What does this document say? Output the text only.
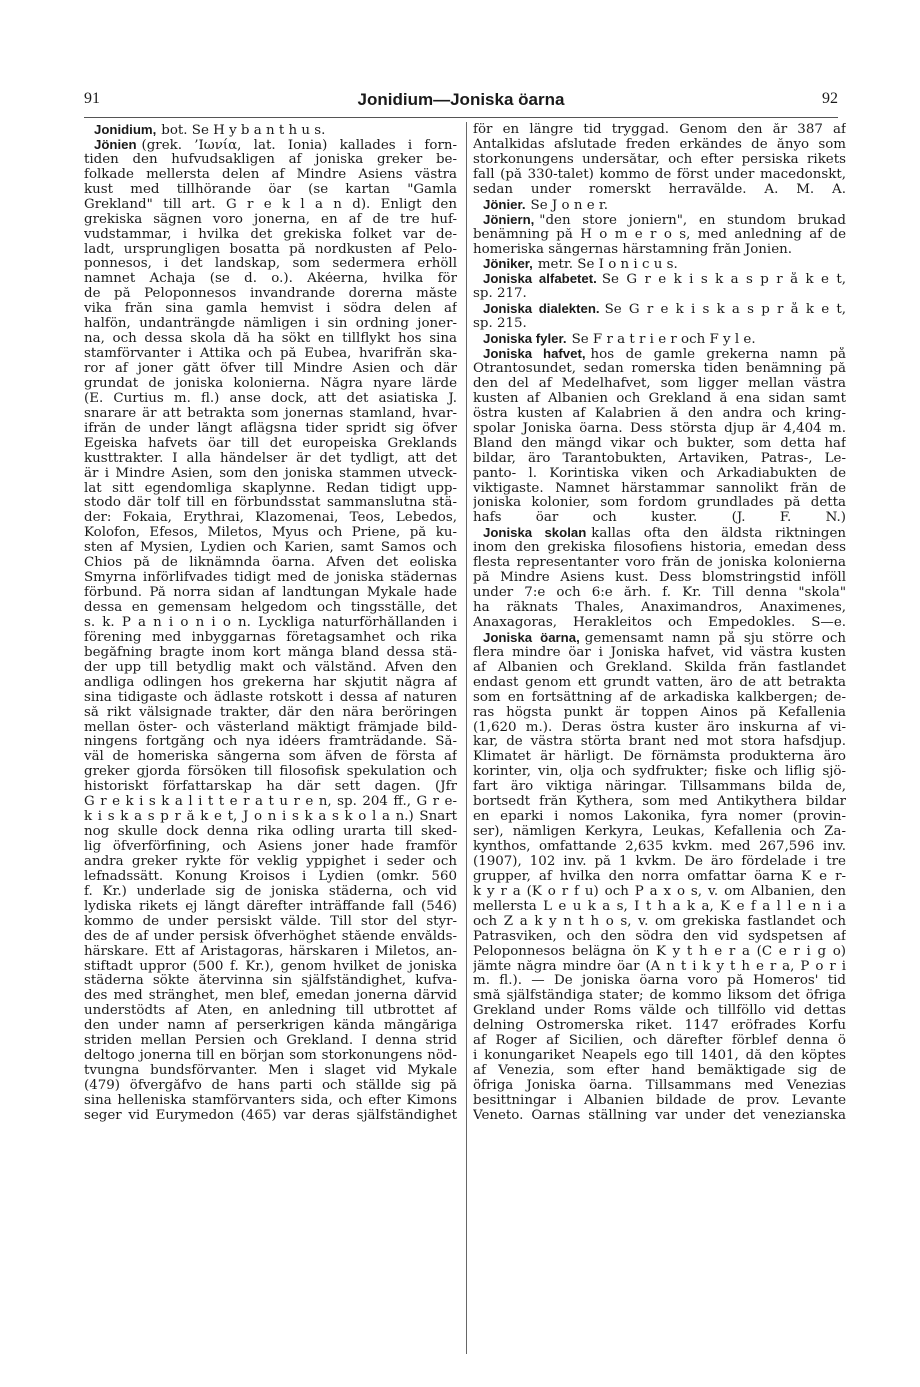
91	Jonidium—Joniska öarna	92
Jonidium, bot. Se H y b a n t h u s.
Jönien (grek. ’Ιωνία, lat. Ionia) kallades i forn-
tiden den hufvudsakligen af joniska greker be-
folkade mellersta delen af Mindre Asiens västra
kust med tillhörande öar (se kartan "Gamla
Grekland" till art. G r e k l a n d). Enligt den
grekiska sägnen voro jonerna, en af de tre huf-
vudstammar, i hvilka det grekiska folket var de-
ladt, ursprungligen bosatta på nordkusten af Pelo-
ponnesos, i det landskap, som sedermera erhöll
namnet Achaja (se d. o.). Akéerna, hvilka för
de på Peloponnesos invandrande dorerna måste
vika från sina gamla hemvist i södra delen af
halfön, undanträngde nämligen i sin ordning joner-
na, och dessa skola då ha sökt en tillflykt hos sina
stamförvanter i Attika och på Eubea, hvarifrån ska-
ror af joner gått öfver till Mindre Asien och där
grundat de joniska kolonierna. Några nyare lärde
(E. Curtius m. fl.) anse dock, att det asiatiska J.
snarare är att betrakta som jonernas stamland, hvar-
ifrån de under långt aflägsna tider spridt sig öfver
Egeiska hafvets öar till det europeiska Greklands
kusttrakter. I alla händelser är det tydligt, att det
är i Mindre Asien, som den joniska stammen utveck-
lat sitt egendomliga skaplynne. Redan tidigt upp-
stodo där tolf till en förbundsstat sammanslutna stä-
der: Fokaia, Erythrai, Klazomenai, Teos, Lebedos,
Kolofon, Efesos, Miletos, Myus och Priene, på ku-
sten af Mysien, Lydien och Karien, samt Samos och
Chios på de liknämnda öarna. Äfven det eoliska
Smyrna införlifvades tidigt med de joniska städernas
förbund. På norra sidan af landtungan Mykale hade
dessa en gemensam helgedom och tingsställe, det
s. k. P a n i o n i o n. Lyckliga naturförhållanden i
förening med inbyggarnas företagsamhet och rika
begåfning bragte inom kort många bland dessa stä-
der upp till betydlig makt och välstånd. Äfven den
andliga odlingen hos grekerna har skjutit några af
sina tidigaste och ädlaste rotskott i dessa af naturen
så rikt välsignade trakter, där den nära beröringen
mellan öster- och västerland mäktigt främjade bild-
ningens fortgång och nya idéers framträdande. Så-
väl de homeriska sångerna som äfven de första af
greker gjorda försöken till filosofisk spekulation och
historiskt författarskap ha där sett dagen. (Jfr
G r e k i s k a l i t t e r a t u r e n, sp. 204 ff., G r e-
k i s k a s p r å k e t, J o n i s k a s k o l a n.) Snart
nog skulle dock denna rika odling urarta till sked-
lig öfverförfining, och Asiens joner hade framför
andra greker rykte för veklig yppighet i seder och
lefnadssätt. Konung Kroisos i Lydien (omkr. 560
f. Kr.) underlade sig de joniska städerna, och vid
lydiska rikets ej långt därefter inträffande fall (546)
kommo de under persiskt välde. Till stor del styr-
des de af under persisk öfverhöghet stående envålds-
härskare. Ett af Aristagoras, härskaren i Miletos, an-
stiftadt uppror (500 f. Kr.), genom hvilket de joniska
städerna sökte återvinna sin själfständighet, kufva-
des med stränghet, men blef, emedan jonerna därvid
understödts af Aten, en anledning till utbrottet af
den under namn af perserkrigen kända mångåriga
striden mellan Persien och Grekland. I denna strid
deltogo jonerna till en början som storkonungens nöd-
tvungna bundsförvanter. Men i slaget vid Mykale
(479) öfvergåfvo de hans parti och ställde sig på
sina helleniska stamförvanters sida, och efter Kimons
seger vid Eurymedon (465) var deras själfständighet
för en längre tid tryggad. Genom den år 387 af
Antalkidas afslutade freden erkändes de ånyo som
storkonungens undersåtar, och efter persiska rikets
fall (på 330-talet) kommo de först under macedonskt,
sedan under romerskt herravälde. A. M. A.
Jönier. Se J o n e r.
Jöniern, "den store joniern", en stundom brukad
benämning på H o m e r o s, med anledning af de
homeriska sångernas härstamning från Jonien.
Jöniker, metr. Se I o n i c u s.
Joniska alfabetet. Se G r e k i s k a s p r å k e t,
sp. 217.
Joniska dialekten. Se G r e k i s k a s p r å k e t,
sp. 215.
Joniska fyler. Se F r a t r i e r och F y l e.
Joniska hafvet, hos de gamle grekerna namn på
Otrantosundet, sedan romerska tiden benämning på
den del af Medelhafvet, som ligger mellan västra
kusten af Albanien och Grekland å ena sidan samt
östra kusten af Kalabrien å den andra och kring-
spolar Joniska öarna. Dess största djup är 4,404 m.
Bland den mängd vikar och bukter, som detta haf
bildar, äro Tarantobukten, Artaviken, Patras-, Le-
panto- l. Korintiska viken och Arkadiabukten de
viktigaste. Namnet härstammar sannolikt från de
joniska kolonier, som fordom grundlades på detta
hafs öar och kuster. (J. F. N.)
Joniska skolan kallas ofta den äldsta riktningen
inom den grekiska filosofiens historia, emedan dess
flesta representanter voro från de joniska kolonierna
på Mindre Asiens kust. Dess blomstringstid inföll
under 7:e och 6:e årh. f. Kr. Till denna "skola"
ha räknats Thales, Anaximandros, Anaximenes,
Anaxagoras, Herakleitos och Empedokles. S—e.
Joniska öarna, gemensamt namn på sju större och
flera mindre öar i Joniska hafvet, vid västra kusten
af Albanien och Grekland. Skilda från fastlandet
endast genom ett grundt vatten, äro de att betrakta
som en fortsättning af de arkadiska kalkbergen; de-
ras högsta punkt är toppen Ainos på Kefallenia
(1,620 m.). Deras östra kuster äro inskurna af vi-
kar, de västra störta brant ned mot stora hafsdjup.
Klimatet är härligt. De förnämsta produkterna äro
korinter, vin, olja och sydfrukter; fiske och liflig sjö-
fart äro viktiga näringar. Tillsammans bilda de,
bortsedt från Kythera, som med Antikythera bildar
en eparki i nomos Lakonika, fyra nomer (provin-
ser), nämligen Kerkyra, Leukas, Kefallenia och Za-
kynthos, omfattande 2,635 kvkm. med 267,596 inv.
(1907), 102 inv. på 1 kvkm. De äro fördelade i tre
grupper, af hvilka den norra omfattar öarna K e r-
k y r a (K o r f u) och P a x o s, v. om Albanien, den
mellersta L e u k a s, I t h a k a, K e f a l l e n i a
och Z a k y n t h o s, v. om grekiska fastlandet och
Patrasviken, och den södra den vid sydspetsen af
Peloponnesos belägna ön K y t h e r a (C e r i g o)
jämte några mindre öar (A n t i k y t h e r a, P o r i
m. fl.). — De joniska öarna voro på Homeros' tid
små själfständiga stater; de kommo liksom det öfriga
Grekland under Roms välde och tillföllo vid dettas
delning Östromerska riket. 1147 eröfrades Korfu
af Roger af Sicilien, och därefter förblef denna ö
i konungariket Neapels ego till 1401, då den köptes
af Venezia, som efter hand bemäktigade sig de
öfriga Joniska öarna. Tillsammans med Venezias
besittningar i Albanien bildade de prov. Levante
Veneto. Öarnas ställning var under det venezianska
